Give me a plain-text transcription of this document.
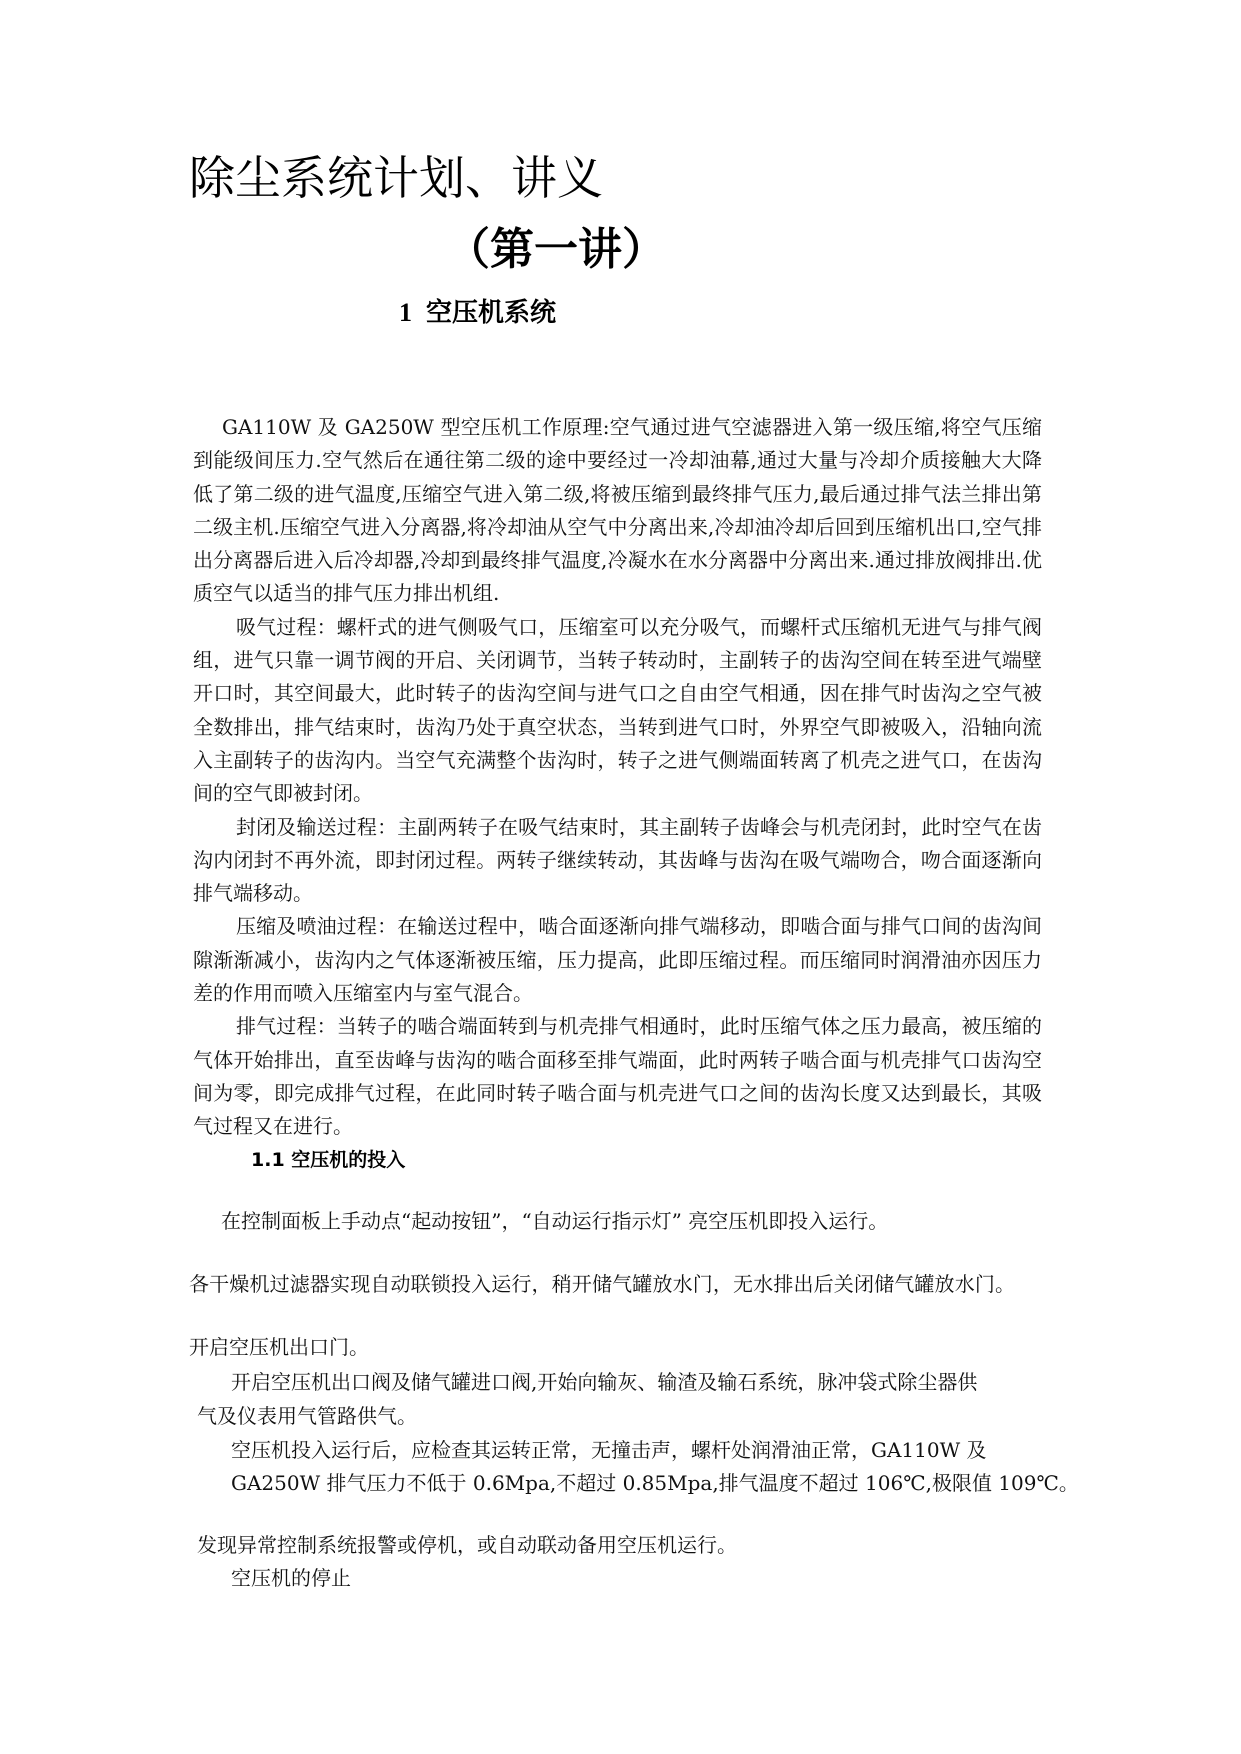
除尘系统计划、讲义
（第一讲）
1 空压机系统

GA110W 及 GA250W 型空压机工作原理:空气通过进气空滤器进入第一级压缩,将空气压缩到能级间压力.空气然后在通往第二级的途中要经过一冷却油幕,通过大量与冷却介质接触大大降低了第二级的进气温度,压缩空气进入第二级,将被压缩到最终排气压力,最后通过排气法兰排出第二级主机.压缩空气进入分离器,将冷却油从空气中分离出来,冷却油冷却后回到压缩机出口,空气排出分离器后进入后冷却器,冷却到最终排气温度,冷凝水在水分离器中分离出来.通过排放阀排出.优质空气以适当的排气压力排出机组.

吸气过程：螺杆式的进气侧吸气口，压缩室可以充分吸气，而螺杆式压缩机无进气与排气阀组，进气只靠一调节阀的开启、关闭调节，当转子转动时，主副转子的齿沟空间在转至进气端壁开口时，其空间最大，此时转子的齿沟空间与进气口之自由空气相通，因在排气时齿沟之空气被全数排出，排气结束时，齿沟乃处于真空状态，当转到进气口时，外界空气即被吸入，沿轴向流入主副转子的齿沟内。当空气充满整个齿沟时，转子之进气侧端面转离了机壳之进气口，在齿沟间的空气即被封闭。

封闭及输送过程：主副两转子在吸气结束时，其主副转子齿峰会与机壳闭封，此时空气在齿沟内闭封不再外流，即封闭过程。两转子继续转动，其齿峰与齿沟在吸气端吻合，吻合面逐渐向排气端移动。

压缩及喷油过程：在输送过程中，啮合面逐渐向排气端移动，即啮合面与排气口间的齿沟间隙渐渐减小，齿沟内之气体逐渐被压缩，压力提高，此即压缩过程。而压缩同时润滑油亦因压力差的作用而喷入压缩室内与室气混合。

排气过程：当转子的啮合端面转到与机壳排气相通时，此时压缩气体之压力最高，被压缩的气体开始排出，直至齿峰与齿沟的啮合面移至排气端面，此时两转子啮合面与机壳排气口齿沟空间为零，即完成排气过程，在此同时转子啮合面与机壳进气口之间的齿沟长度又达到最长，其吸气过程又在进行。

1.1 空压机的投入

在控制面板上手动点“起动按钮”，“自动运行指示灯” 亮空压机即投入运行。

各干燥机过滤器实现自动联锁投入运行，稍开储气罐放水门，无水排出后关闭储气罐放水门。

开启空压机出口门。

开启空压机出口阀及储气罐进口阀,开始向输灰、输渣及输石系统，脉冲袋式除尘器供

气及仪表用气管路供气。

空压机投入运行后，应检查其运转正常，无撞击声，螺杆处润滑油正常，GA110W 及

GA250W 排气压力不低于 0.6Mpa,不超过 0.85Mpa,排气温度不超过 106℃,极限值 109℃。

发现异常控制系统报警或停机，或自动联动备用空压机运行。

空压机的停止
